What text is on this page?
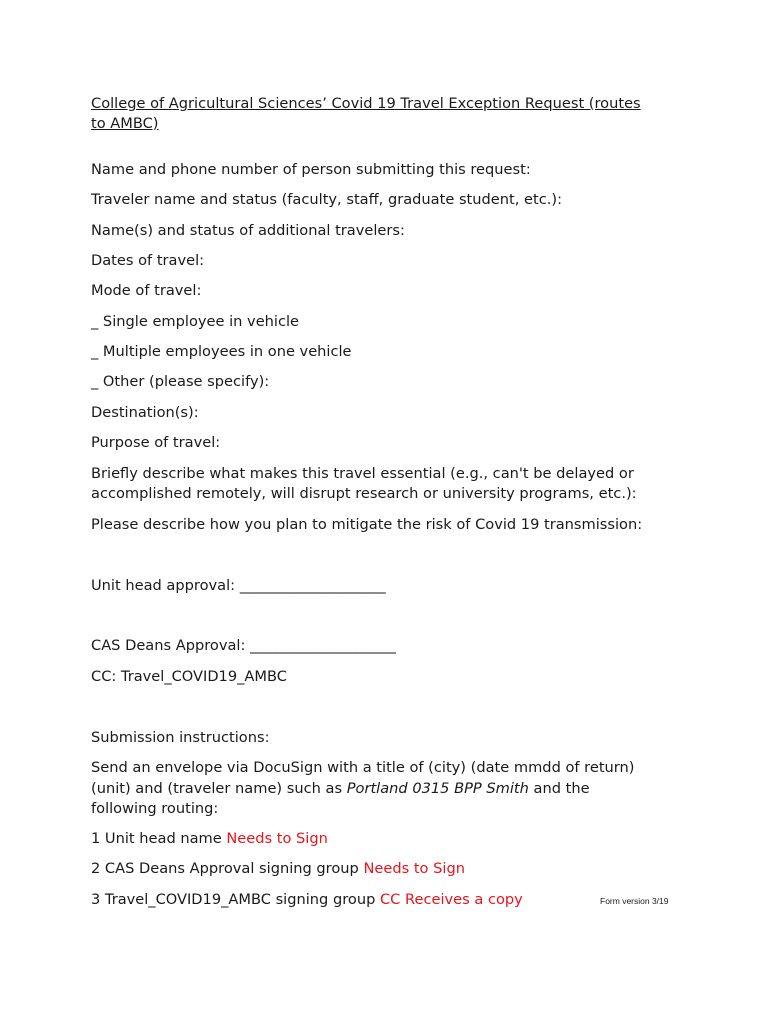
College of Agricultural Sciences’ Covid 19 Travel Exception Request (routes

to AMBC)

Name and phone number of person submitting this request:

Traveler name and status (faculty, staff, graduate student, etc.):

Name(s) and status of additional travelers:

Dates of travel:

Mode of travel:

_ Single employee in vehicle

_ Multiple employees in one vehicle

_ Other (please specify):

Destination(s):

Purpose of travel:

Briefly describe what makes this travel essential (e.g., can't be delayed or

accomplished remotely, will disrupt research or university programs, etc.):

Please describe how you plan to mitigate the risk of Covid 19 transmission:

Unit head approval: ____________________

CAS Deans Approval: ____________________

CC: Travel_COVID19_AMBC

Submission instructions:

Send an envelope via DocuSign with a title of (city) (date mmdd of return)

(unit) and (traveler name) such as Portland 0315 BPP Smith and the

following routing:

1 Unit head name Needs to Sign

2 CAS Deans Approval signing group Needs to Sign

3 Travel_COVID19_AMBC signing group CC Receives a copy	Form version 3/19
